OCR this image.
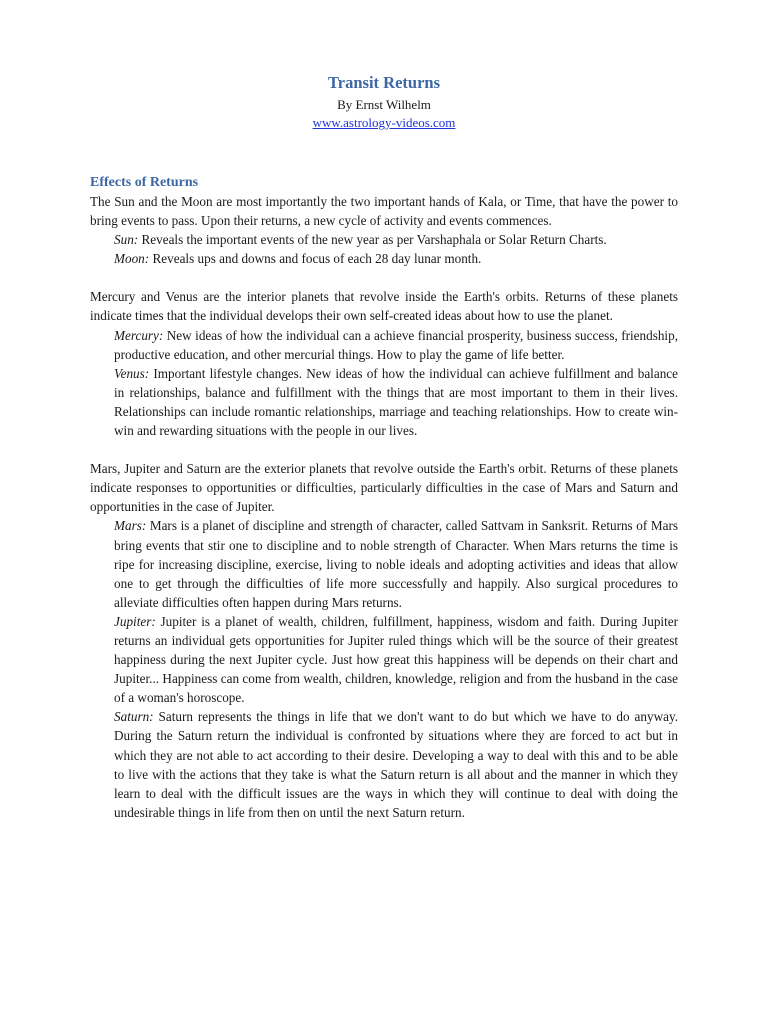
Transit Returns
By Ernst Wilhelm
www.astrology-videos.com
Effects of Returns

The Sun and the Moon are most importantly the two important hands of Kala, or Time, that have the power to bring events to pass. Upon their returns, a new cycle of activity and events commences.

Sun: Reveals the important events of the new year as per Varshaphala or Solar Return Charts.
Moon: Reveals ups and downs and focus of each 28 day lunar month.

Mercury and Venus are the interior planets that revolve inside the Earth's orbits. Returns of these planets indicate times that the individual develops their own self-created ideas about how to use the planet.

Mercury: New ideas of how the individual can a achieve financial prosperity, business success, friendship, productive education, and other mercurial things. How to play the game of life better.
Venus: Important lifestyle changes. New ideas of how the individual can achieve fulfillment and balance in relationships, balance and fulfillment with the things that are most important to them in their lives. Relationships can include romantic relationships, marriage and teaching relationships. How to create win-win and rewarding situations with the people in our lives.

Mars, Jupiter and Saturn are the exterior planets that revolve outside the Earth's orbit. Returns of these planets indicate responses to opportunities or difficulties, particularly difficulties in the case of Mars and Saturn and opportunities in the case of Jupiter.

Mars: Mars is a planet of discipline and strength of character, called Sattvam in Sanksrit. Returns of Mars bring events that stir one to discipline and to noble strength of Character. When Mars returns the time is ripe for increasing discipline, exercise, living to noble ideals and adopting activities and ideas that allow one to get through the difficulties of life more successfully and happily. Also surgical procedures to alleviate difficulties often happen during Mars returns.
Jupiter: Jupiter is a planet of wealth, children, fulfillment, happiness, wisdom and faith. During Jupiter returns an individual gets opportunities for Jupiter ruled things which will be the source of their greatest happiness during the next Jupiter cycle. Just how great this happiness will be depends on their chart and Jupiter... Happiness can come from wealth, children, knowledge, religion and from the husband in the case of a woman's horoscope.
Saturn: Saturn represents the things in life that we don't want to do but which we have to do anyway. During the Saturn return the individual is confronted by situations where they are forced to act but in which they are not able to act according to their desire. Developing a way to deal with this and to be able to live with the actions that they take is what the Saturn return is all about and the manner in which they learn to deal with the difficult issues are the ways in which they will continue to deal with doing the undesirable things in life from then on until the next Saturn return.
